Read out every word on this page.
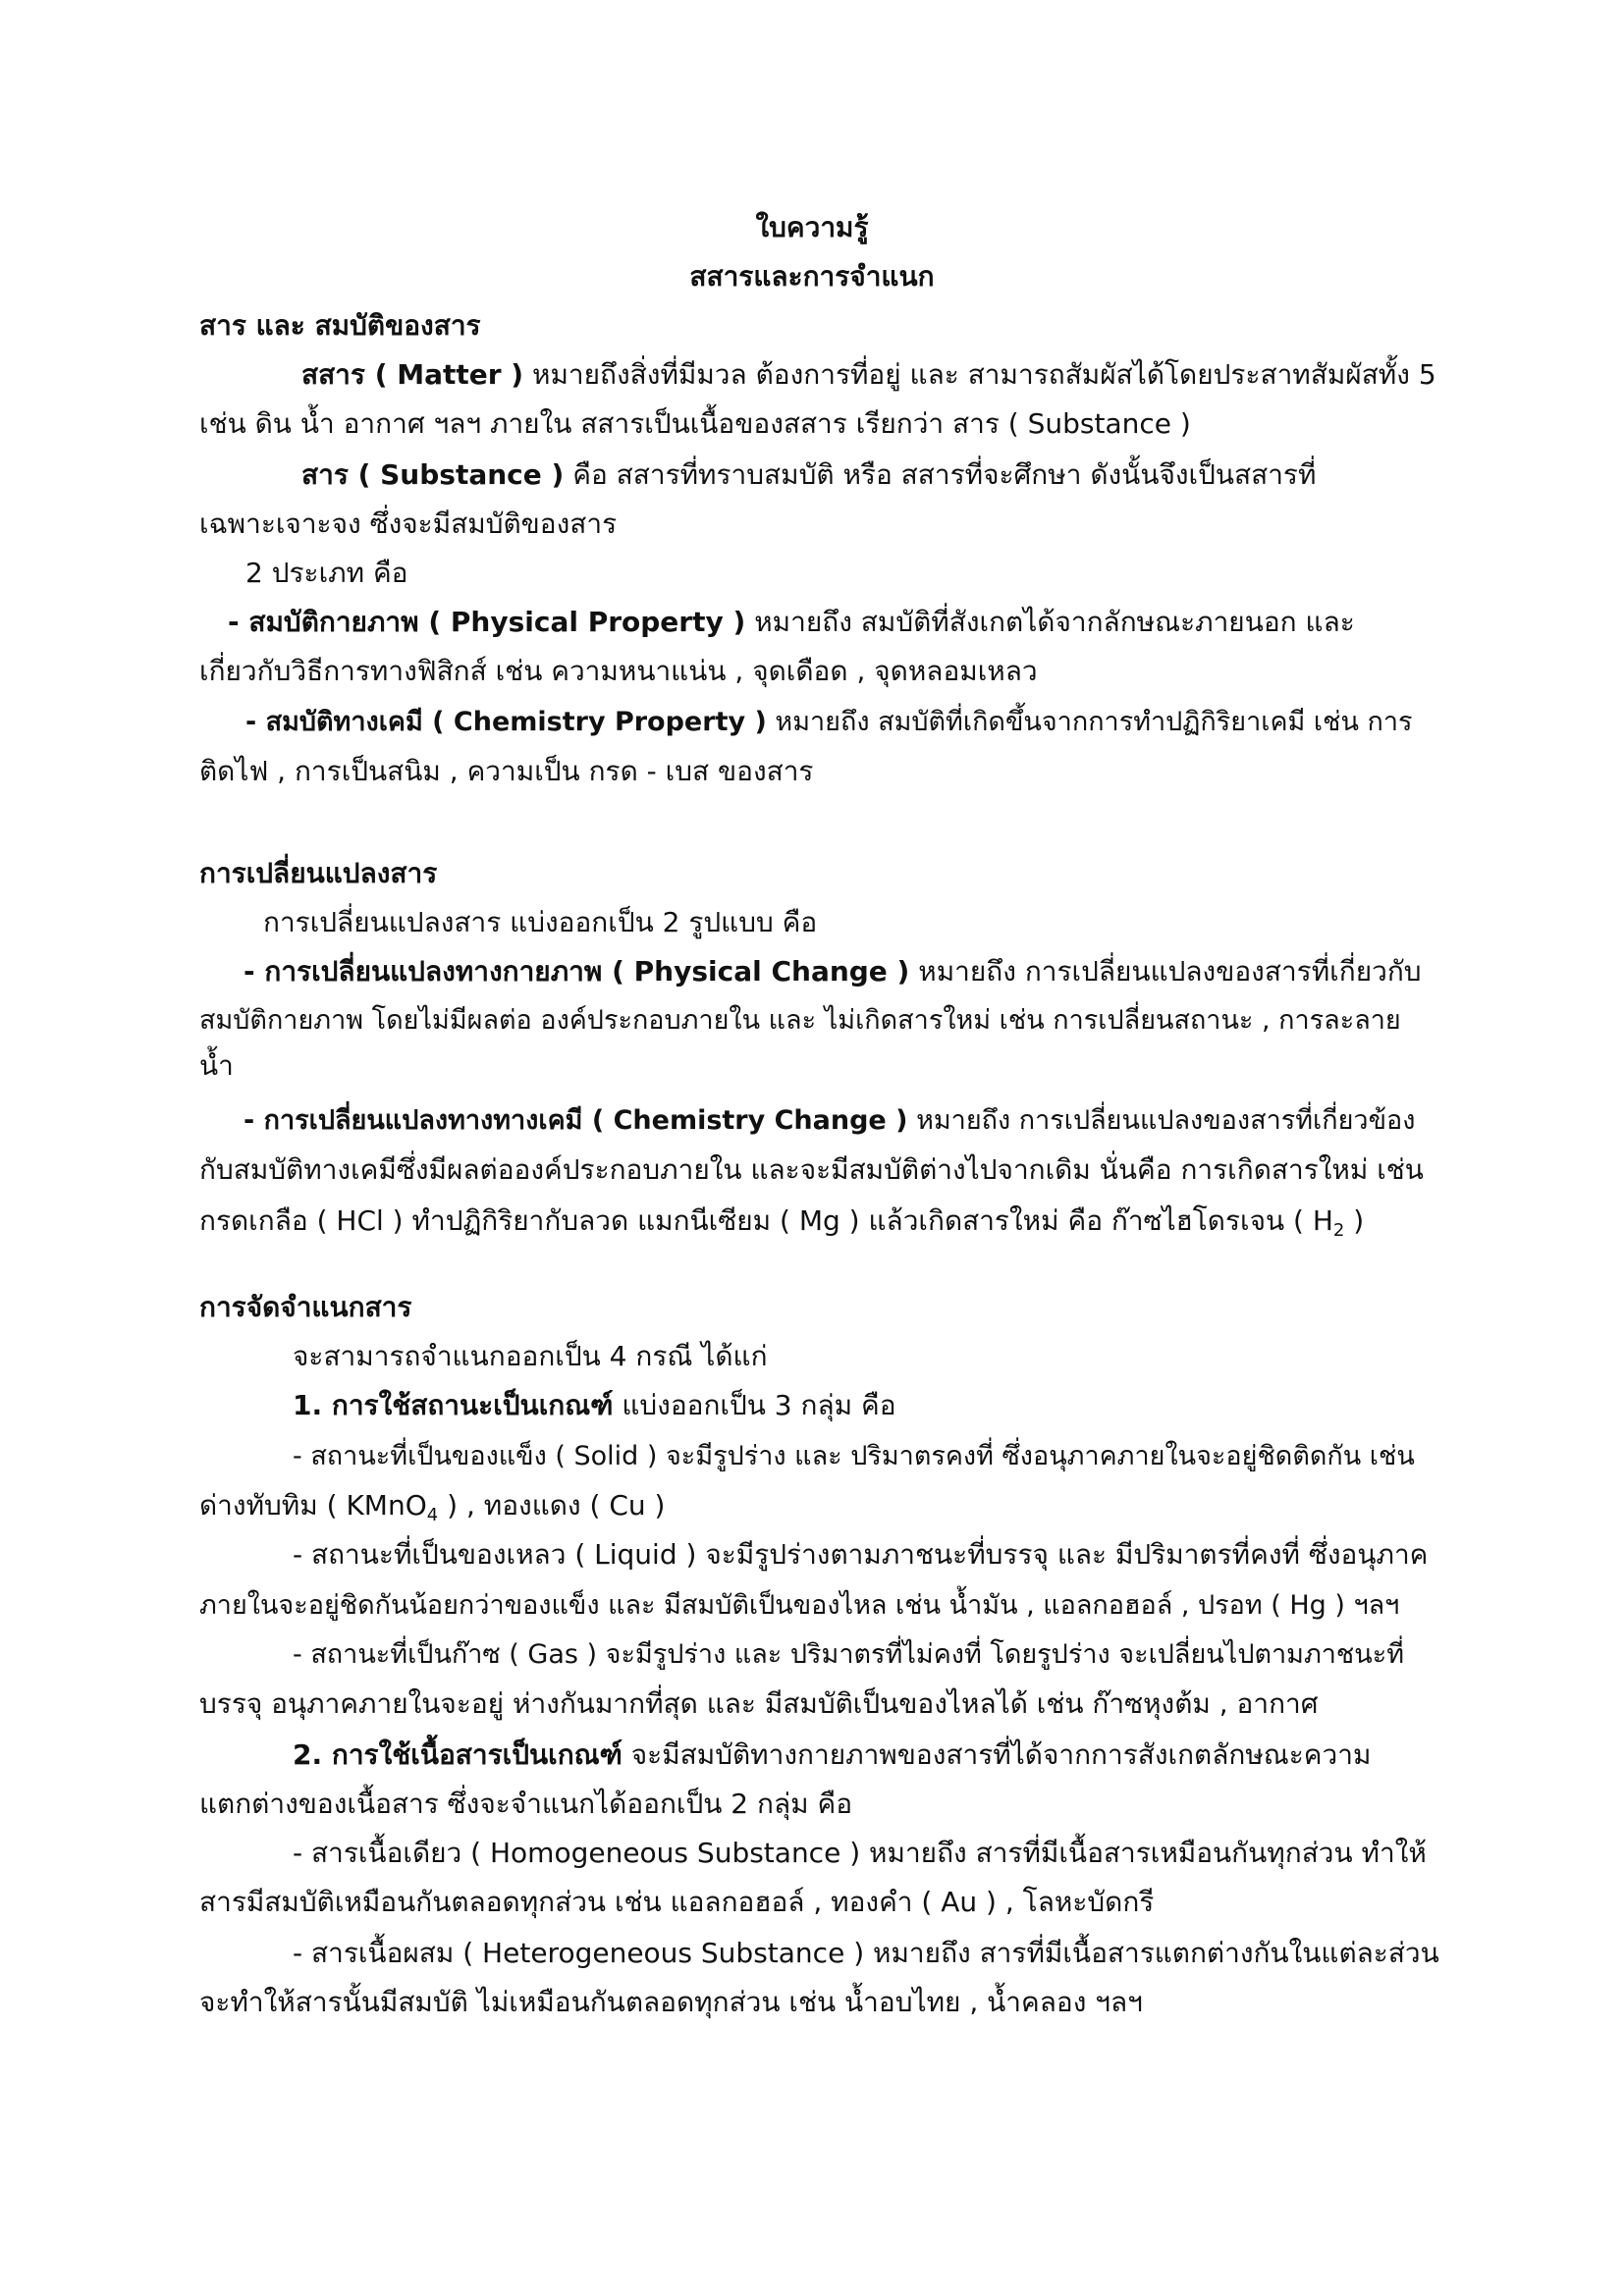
ใบความรู้
สสารและการจำแนก
สาร และ สมบัติของสาร
สสาร ( Matter ) หมายถึงสิ่งที่มีมวล ต้องการที่อยู่ และ สามารถสัมผัสได้โดยประสาทสัมผัสทั้ง 5
เช่น ดิน น้ำ อากาศ ฯลฯ ภายใน สสารเป็นเนื้อของสสาร เรียกว่า สาร ( Substance )
สาร ( Substance ) คือ สสารที่ทราบสมบัติ หรือ สสารที่จะศึกษา ดังนั้นจึงเป็นสสารที่
เฉพาะเจาะจง ซึ่งจะมีสมบัติของสาร
2 ประเภท คือ
- สมบัติกายภาพ ( Physical Property ) หมายถึง สมบัติที่สังเกตได้จากลักษณะภายนอก และ
เกี่ยวกับวิธีการทางฟิสิกส์ เช่น ความหนาแน่น , จุดเดือด , จุดหลอมเหลว
- สมบัติทางเคมี ( Chemistry Property ) หมายถึง สมบัติที่เกิดขึ้นจากการทำปฏิกิริยาเคมี เช่น การ
ติดไฟ , การเป็นสนิม , ความเป็น กรด - เบส ของสาร
การเปลี่ยนแปลงสาร
การเปลี่ยนแปลงสาร แบ่งออกเป็น 2 รูปแบบ คือ
- การเปลี่ยนแปลงทางกายภาพ ( Physical Change ) หมายถึง การเปลี่ยนแปลงของสารที่เกี่ยวกับ
สมบัติกายภาพ โดยไม่มีผลต่อ องค์ประกอบภายใน และ ไม่เกิดสารใหม่ เช่น การเปลี่ยนสถานะ , การละลาย
น้ำ
- การเปลี่ยนแปลงทางทางเคมี ( Chemistry Change ) หมายถึง การเปลี่ยนแปลงของสารที่เกี่ยวข้อง
กับสมบัติทางเคมีซึ่งมีผลต่อองค์ประกอบภายใน และจะมีสมบัติต่างไปจากเดิม นั่นคือ การเกิดสารใหม่ เช่น
กรดเกลือ ( HCl ) ทำปฏิกิริยากับลวด แมกนีเซียม ( Mg ) แล้วเกิดสารใหม่ คือ ก๊าซไฮโดรเจน ( $H_2$ )
การจัดจำแนกสาร
จะสามารถจำแนกออกเป็น 4 กรณี ได้แก่
1. การใช้สถานะเป็นเกณฑ์ แบ่งออกเป็น 3 กลุ่ม คือ
- สถานะที่เป็นของแข็ง ( Solid ) จะมีรูปร่าง และ ปริมาตรคงที่ ซึ่งอนุภาคภายในจะอยู่ชิดติดกัน เช่น
ด่างทับทิม ( KMnO$_4$ ) , ทองแดง ( Cu )
- สถานะที่เป็นของเหลว ( Liquid ) จะมีรูปร่างตามภาชนะที่บรรจุ และ มีปริมาตรที่คงที่ ซึ่งอนุภาค
ภายในจะอยู่ชิดกันน้อยกว่าของแข็ง และ มีสมบัติเป็นของไหล เช่น น้ำมัน , แอลกอฮอล์ , ปรอท ( Hg ) ฯลฯ
- สถานะที่เป็นก๊าซ ( Gas ) จะมีรูปร่าง และ ปริมาตรที่ไม่คงที่ โดยรูปร่าง จะเปลี่ยนไปตามภาชนะที่
บรรจุ อนุภาคภายในจะอยู่ ห่างกันมากที่สุด และ มีสมบัติเป็นของไหลได้ เช่น ก๊าซหุงต้ม , อากาศ
2. การใช้เนื้อสารเป็นเกณฑ์ จะมีสมบัติทางกายภาพของสารที่ได้จากการสังเกตลักษณะความ
แตกต่างของเนื้อสาร ซึ่งจะจำแนกได้ออกเป็น 2 กลุ่ม คือ
- สารเนื้อเดียว ( Homogeneous Substance ) หมายถึง สารที่มีเนื้อสารเหมือนกันทุกส่วน ทำให้
สารมีสมบัติเหมือนกันตลอดทุกส่วน เช่น แอลกอฮอล์ , ทองคำ ( Au ) , โลหะบัดกรี
- สารเนื้อผสม ( Heterogeneous Substance ) หมายถึง สารที่มีเนื้อสารแตกต่างกันในแต่ละส่วน
จะทำให้สารนั้นมีสมบัติ ไม่เหมือนกันตลอดทุกส่วน เช่น น้ำอบไทย , น้ำคลอง ฯลฯ
